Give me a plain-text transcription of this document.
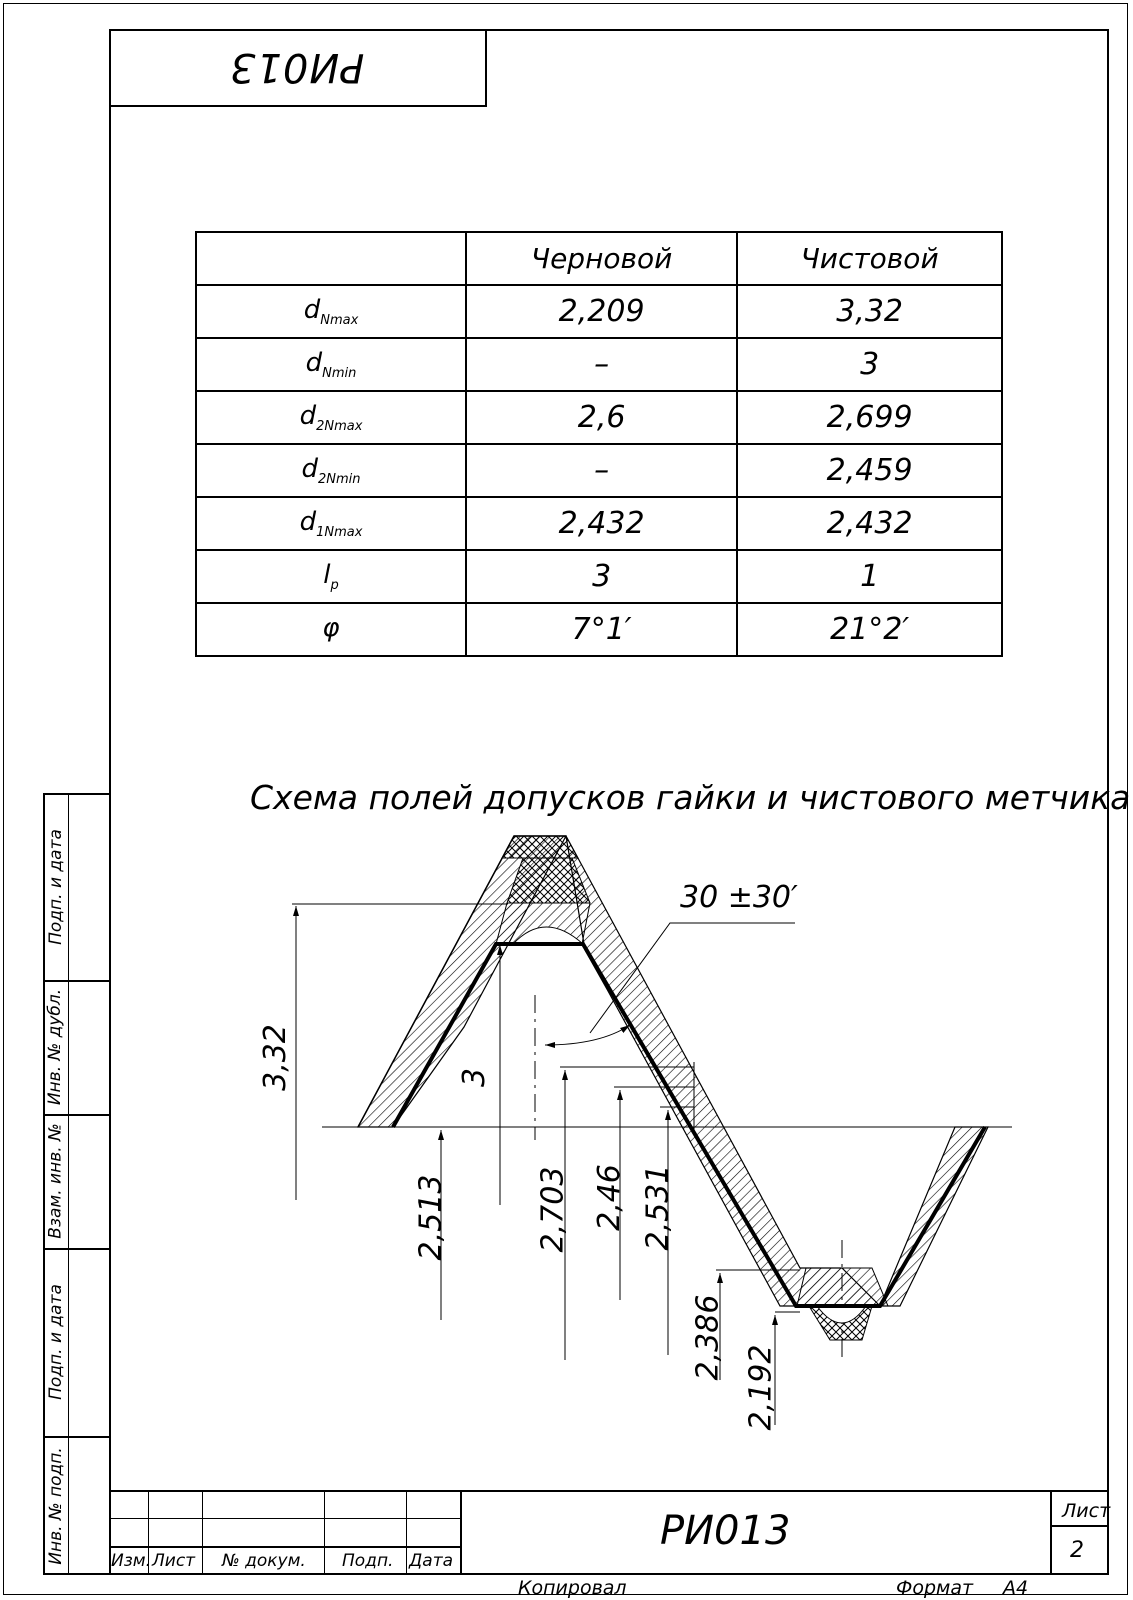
РИ013
	Черновой	Чистовой
$d_{Nmax}$	2,209	3,32
$d_{Nmin}$	–	3
$d_{2Nmax}$	2,6	2,699
$d_{2Nmin}$	–	2,459
$d_{1Nmax}$	2,432	2,432
$l_p$	3	1
φ	7°1′	21°2′
Схема полей допусков гайки и чистового метчика
30 ±30′
3,32	3
2,513	2,703 2,46 2,531
2,386
2,192
Подп. и дата
Инв. № дубл.
Взам. инв. №
Подп. и дата
Инв. № подп.	Изм. Лист № докум. Подп. Дата
РИ013	Лист
2
Копировал	Формат А4
